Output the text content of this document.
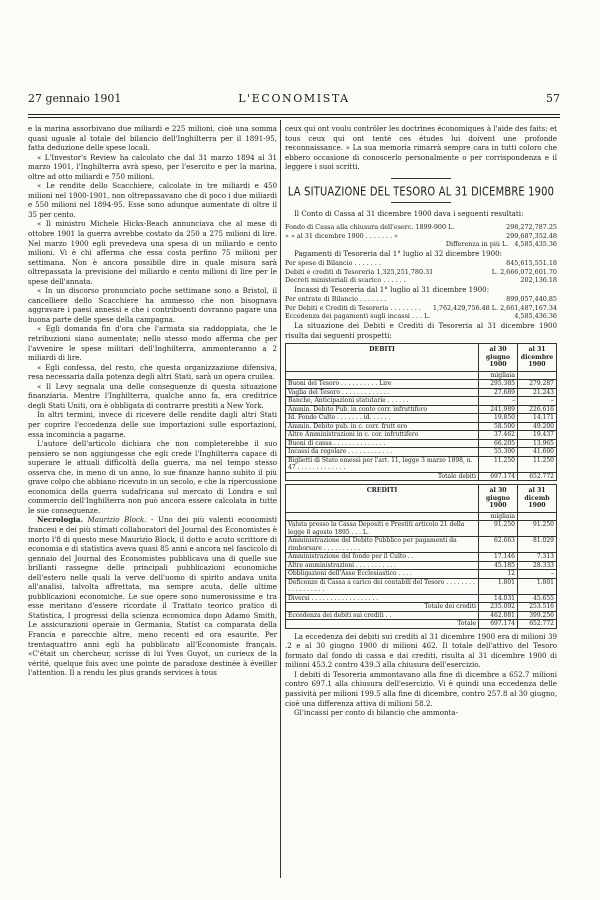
27 gennaio 1901	L'ECONOMISTA	57

e la marina assorbivano due miliardi e 225 milioni, cioè una somma quasi uguale al totale del bilancio dell'Inghilterra per il 1891-95, fatta deduzione delle spese locali.

« L'Investor's Review ha calcolato che dal 31 marzo 1894 al 31 marzo 1901, l'Inghilterra avrà speso, per l'esercito e per la marina, oltre ad otto miliardi e 750 milioni.

« Le rendite dello Scacchiere, calcolate in tre miliardi e 450 milioni nel 1900-1901, non oltrepassavano che di poco i due miliardi e 550 milioni nel 1894-95. Esse sono adunque aumentate di oltre il 35 per cento.

« Il ministro Michele Hicks-Beach annunciava che al mese di ottobre 1901 la guerra avrebbe costato da 250 a 275 milioni di lire. Nel marzo 1900 egli prevedeva una spesa di un miliardo e cento milioni. Vi è chi afferma che essa costa perfino 75 milioni per settimana. Non è ancora possibile dire in quale misura sarà oltrepassata la previsione del miliardo e cento milioni di lire per le spese dell'annata.

« In un discorso pronunciato poche settimane sono a Bristol, il cancelliere dello Scacchiere ha ammesso che non bisognava aggravare i paesi annessi e che i contribuenti dovranno pagare una buona parte delle spese della campagna.

« Egli domanda fin d'ora che l'armata sia raddoppiata, che le retribuzioni siano aumentate; nello stesso modo afferma che per l'avvenire le spese militari dell'Inghilterra, ammonteranno a 2 miliardi di lire.

« Egli confessa, del resto, che questa organizzazione difensiva, resa necessaria dalla potenza degli altri Stati, sarà un opera cruilea.

« Il Levy segnala una delle conseguenze di questa situazione finanziaria. Mentre l'Inghilterra, qualche anno fa, era creditrice degli Stati Uniti, ora è obbligata di contrarre prestiti a New York.

In altri termini, invece di ricevere delle rendite dagli altri Stati per coprire l'eccedenza delle sue importazioni sulle esportazioni, essa incomincia a pagarne.

L'autore dell'articolo dichiara che non completerebbe il suo pensiero se non aggiungesse che egli crede l'Inghilterra capace di superare le attuali difficoltà della guerra, ma nel tempo stesso osserva che, in meno di un anno, lo sue finanze hanno subito il più grave colpo che abbiano ricevuto in un secolo, e che la ripercussione economica della guerra sudafricana sul mercato di Londra e sul commercio dell'Inghilterra non può ancora essere calcolata in tutte le sue conseguenze.

Necrologia. Maurizio Block. - Uno dei più valenti economisti francesi e dei più stimati collaboratori del Journal des Economistes è morto l'8 di questo mese Maurizio Block, il dotto e acuto scrittore di economia e di statistica aveva quasi 85 anni e ancora nel fascicolo di gennaio del Journal des Economistes pubblicava una di quelle sue brillanti rassegne delle principali pubblicazioni economiche dell'estero nelle quali la verve dell'uomo di spirito andava unita all'analisi, talvolta affrettata, ma sempre acuta, delle ultime pubblicazioni economiche. Le sue opere sono numerosissime e tra esse meritano d'essere ricordate il Trattato teorico pratico di Statistica, I progressi della scienza economica dopo Adamo Smith, Le assicurazioni operaie in Germania, Statist ca comparata della Francia e parecchie altre, meno recenti ed ora esaurite. Per trentaquattro anni egli ha pubblicato all'Economiste français. «C'était un chercheur, scrisse di lui Yves Guyot, un curieux de la vérité, quelque fois avec une pointe de paradoxe destinée à éveiller l'attention. Il a rendu les plus grands services à tous

ceux qui ont voulu contrôler les doctrines économiques à l'aide des faits: et tous ceux qui ont tenté ces études lui doivent une profonde reconnaissance. » La sua memoria rimarrà sempre cara in tutti coloro che ebbero occasione di conoscerlo personalmente o per corrispondenza e il leggere i suoi scritti.

LA SITUAZIONE DEL TESORO AL 31 DICEMBRE 1900

Il Conto di Cassa al 31 dicembre 1900 dava i seguenti resultati:

Fondo di Cassa alla chiusura dell'eserc. 1899-900 L.	298,272,787.25
» » al 31 dicembre 1900 . . . . . . . »	299,687,352.48
Differenza in più L. 4,585,435.36

Pagamenti di Tesoreria dal 1° luglio al 32 dicembre 1900:

Per spese di Bilancio . . . . . . .	845,615,551.18
Debiti e crediti di Tesoreria 1,325,251,780.31	L. 2,666,072,601.70
Decreti ministeriali di scarico . . . . . .	202,136.18

Incassi di Tesoreria dal 1° luglio al 31 dicembre 1900:

Per entrate di Bilancio . . . . . . .	899,057,440.85
Per Debiti e Crediti di Tesoreria . . . . . . . . 1,762,429,756.48 L. 2,661,487,167.34
Eccedenza dei pagamenti sugli incassi . . . L.	4,585,436.36

La situazione dei Debiti e Crediti di Tesoreria al 31 dicembre 1900 risulta dai seguenti prospetti:

DEBITI	al 30 giugno 1900	al 31 dicembre 1900
	migliaia	
Buoni del Tesoro . . . . . . . . . . Lire	295.385	279.287
Vaglia del Tesoro . . . . . . . . . . . . .	27.689	21.243
Banche, Anticipazioni statutarie . . . . . .	–	–
Ammin. Debito Pub. in conto corr. infruttifero	241.989	226.616
Id. Fondo Culto . . . . . . . id. . . . . .	19.850	14.171
Ammin. Debito pub. in c. corr. frutt ero	58.500	49.200
Altre Amministrazioni in c. cor. infruttifero	37.462	19.437
Buoni di cassa . . . . . . . . . . . . . .	66.205	13.965
Incassi da regolare . . . . . . . . . . . .	55.300	41.600
Biglietti di Stato emessi per l'art. 11, legge 3 marzo 1898, n. 47 . . . . . . . . . . . . .	11.250	11.250
Totale debiti	697.174	652.772
CREDITI	al 30 giugno 1900	al 31 dicemb 1900
	migliaia	
Valuta presso la Cassa Depositi e Prestiti articolo 21 della legge 8 agosto 1895 . . . L.	91.250	91.250
Amministrazione del Debito Pubblico per pagamenti da rimborsare . . . . . . . . . .	62.663	81.029
Amministrazione del fondo per il Culto . .	17.146	7.313
Altre amministrazioni . . . . . . . . . . .	45.185	28.333
Obbligazioni dell'Asse Ecclesiastico . . . .	12	–
Deficenze di Cassa a carico dei contabili del Tesoro . . . . . . . . . . . . . . . . . .	1.801	1.801
Diversi . . . . . . . . . . . . . . . . . .	14.031	45.655
Totale dei crediti	235.092	253.516
Eccedenza dei debiti sui crediti . .	462.081	399.256
Totale	697.174	652.772

La eccedenza dei debiti sui crediti al 31 dicembre 1900 era di milioni 39 .2 e al 30 giugno 1900 di milioni 462. Il totale dell'attivo del Tesoro formato dal fondo di cassa e dai crediti, risulta al 31 dicembre 1900 di milioni 453.2 contro 439.3 alla chiusura dell'esercizio.

I debiti di Tesoreria ammontavano alla fine di dicembre a 652.7 milioni contro 697.1 alla chiusura dell'esercizio. Vi è quindi una eccedenza delle passività per milioni 199.5 alla fine di dicembre, contro 257.8 al 30 giugno, cioè una differenza attiva di milioni 58.2.

Gl'incassi per conto di bilancio che ammonta-
